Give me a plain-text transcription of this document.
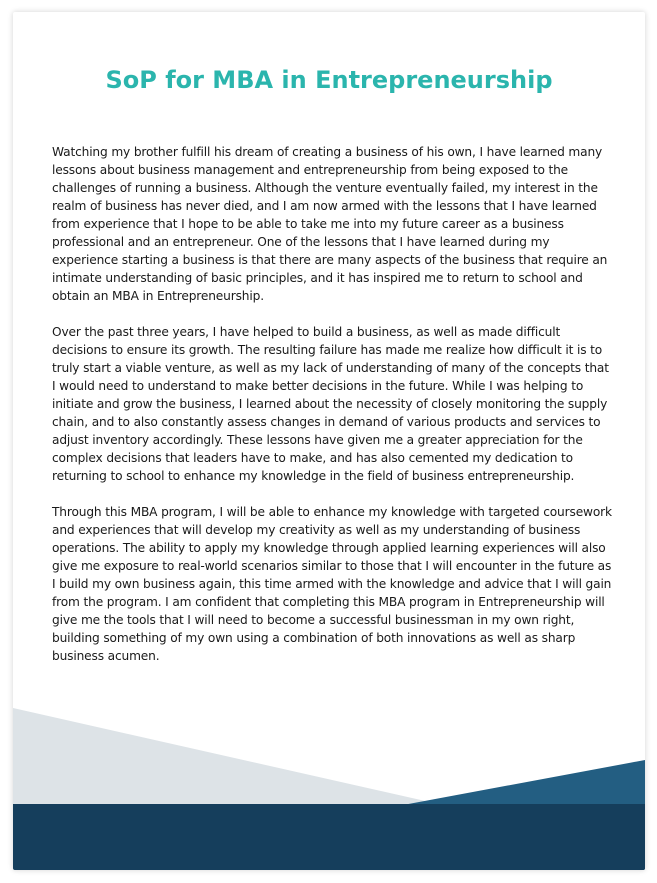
SoP for MBA in Entrepreneurship

Watching my brother fulfill his dream of creating a business of his own, I have learned many lessons about business management and entrepreneurship from being exposed to the challenges of running a business. Although the venture eventually failed, my interest in the realm of business has never died, and I am now armed with the lessons that I have learned from experience that I hope to be able to take me into my future career as a business professional and an entrepreneur. One of the lessons that I have learned during my experience starting a business is that there are many aspects of the business that require an intimate understanding of basic principles, and it has inspired me to return to school and obtain an MBA in Entrepreneurship.

Over the past three years, I have helped to build a business, as well as made difficult decisions to ensure its growth. The resulting failure has made me realize how difficult it is to truly start a viable venture, as well as my lack of understanding of many of the concepts that I would need to understand to make better decisions in the future. While I was helping to initiate and grow the business, I learned about the necessity of closely monitoring the supply chain, and to also constantly assess changes in demand of various products and services to adjust inventory accordingly. These lessons have given me a greater appreciation for the complex decisions that leaders have to make, and has also cemented my dedication to returning to school to enhance my knowledge in the field of business entrepreneurship.

Through this MBA program, I will be able to enhance my knowledge with targeted coursework and experiences that will develop my creativity as well as my understanding of business operations. The ability to apply my knowledge through applied learning experiences will also give me exposure to real-world scenarios similar to those that I will encounter in the future as I build my own business again, this time armed with the knowledge and advice that I will gain from the program. I am confident that completing this MBA program in Entrepreneurship will give me the tools that I will need to become a successful businessman in my own right, building something of my own using a combination of both innovations as well as sharp business acumen.
